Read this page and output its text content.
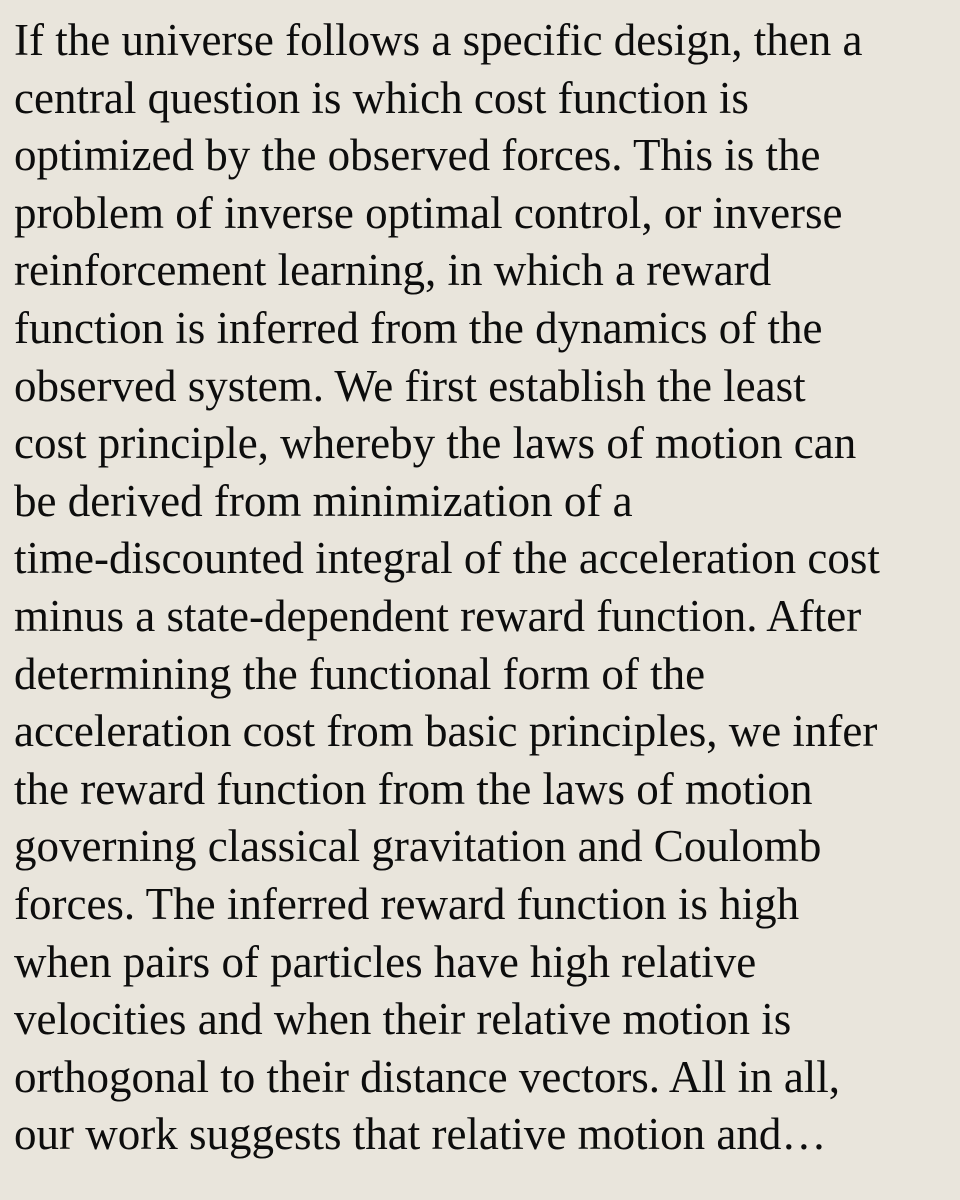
If the universe follows a specific design, then a
central question is which cost function is
optimized by the observed forces. This is the
problem of inverse optimal control, or inverse
reinforcement learning, in which a reward
function is inferred from the dynamics of the
observed system. We first establish the least
cost principle, whereby the laws of motion can
be derived from minimization of a
time-discounted integral of the acceleration cost
minus a state-dependent reward function. After
determining the functional form of the
acceleration cost from basic principles, we infer
the reward function from the laws of motion
governing classical gravitation and Coulomb
forces. The inferred reward function is high
when pairs of particles have high relative
velocities and when their relative motion is
orthogonal to their distance vectors. All in all,
our work suggests that relative motion and…
